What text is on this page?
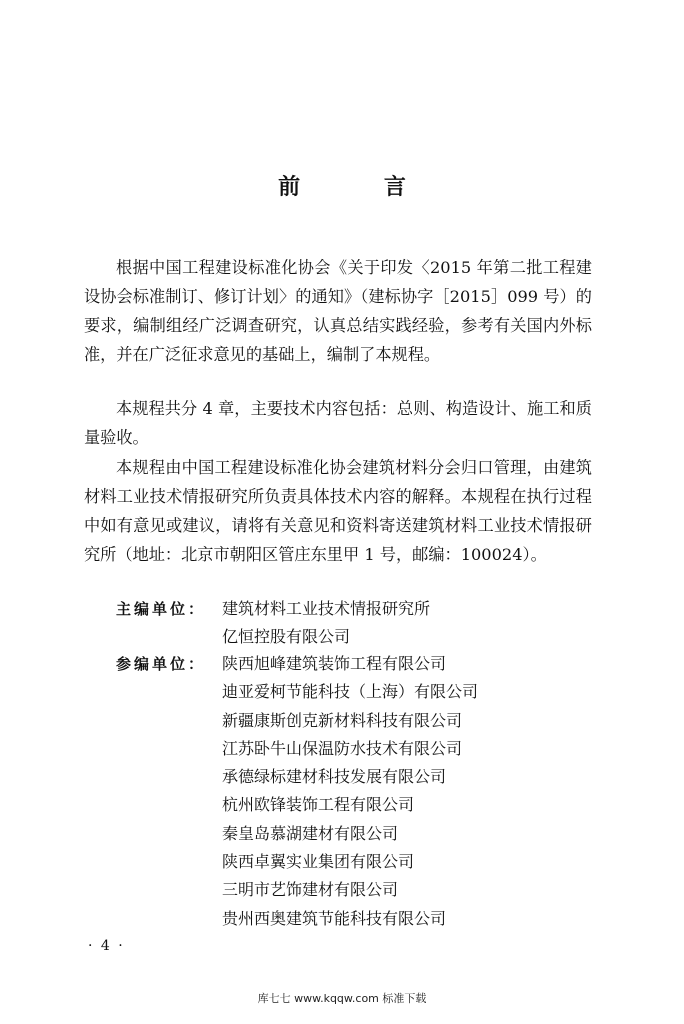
前 言

根据中国工程建设标准化协会《关于印发〈2015 年第二批工程建设协会标准制订、修订计划〉的通知》（建标协字［2015］099 号）的要求，编制组经广泛调查研究，认真总结实践经验，参考有关国内外标准，并在广泛征求意见的基础上，编制了本规程。

本规程共分 4 章，主要技术内容包括：总则、构造设计、施工和质量验收。

本规程由中国工程建设标准化协会建筑材料分会归口管理，由建筑材料工业技术情报研究所负责具体技术内容的解释。本规程在执行过程中如有意见或建议，请将有关意见和资料寄送建筑材料工业技术情报研究所（地址：北京市朝阳区管庄东里甲 1 号，邮编：100024）。

主编单位： 建筑材料工业技术情报研究所
亿恒控股有限公司
参编单位： 陕西旭峰建筑装饰工程有限公司
迪亚爱柯节能科技（上海）有限公司
新疆康斯创克新材料科技有限公司
江苏卧牛山保温防水技术有限公司
承德绿标建材科技发展有限公司
杭州欧锋装饰工程有限公司
秦皇岛慕湖建材有限公司
陕西卓翼实业集团有限公司
三明市艺饰建材有限公司
贵州西奥建筑节能科技有限公司
· 4 ·
库七七 www.kqqw.com 标准下载
